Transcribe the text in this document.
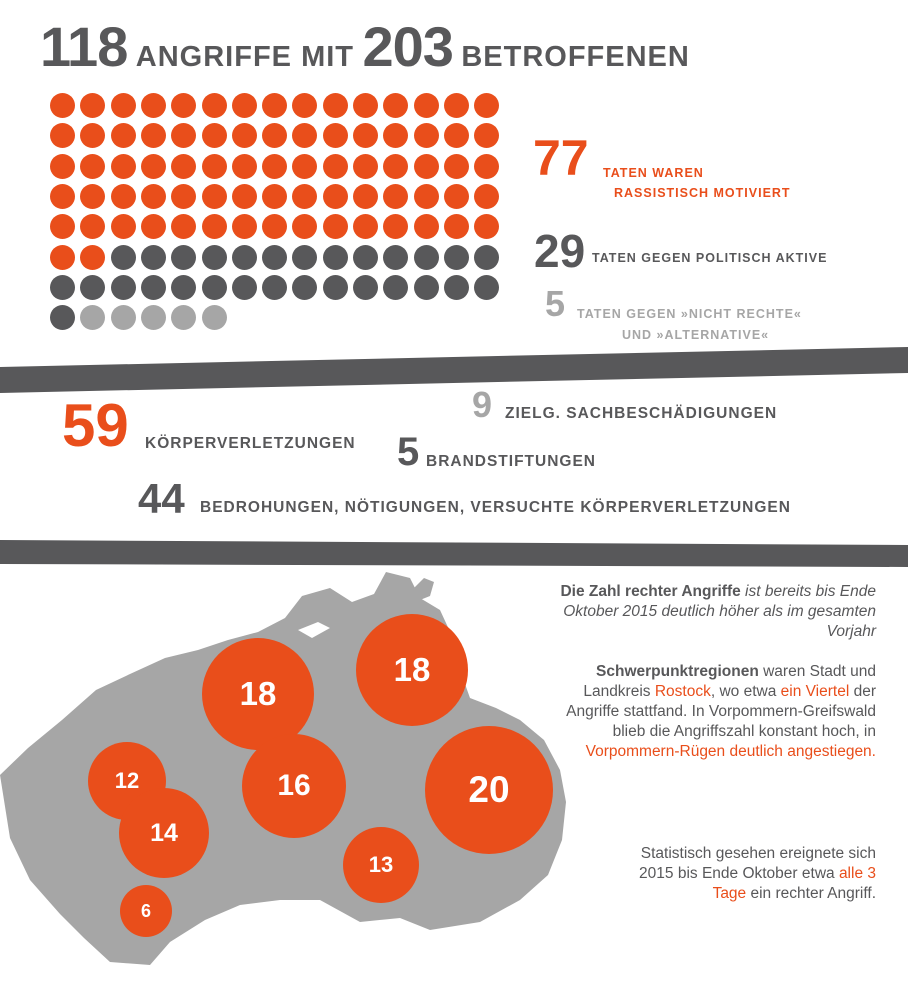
118 ANGRIFFE MIT 203 BETROFFENEN
77 TATEN WAREN
RASSISTISCH MOTIVIERT
29 TATEN GEGEN POLITISCH AKTIVE
5 TATEN GEGEN »NICHT RECHTE«
UND »ALTERNATIVE«
59 KÖRPERVERLETZUNGEN
9 ZIELG. SACHBESCHÄDIGUNGEN
5 BRANDSTIFTUNGEN
44 BEDROHUNGEN, NÖTIGUNGEN, VERSUCHTE KÖRPERVERLETZUNGEN
18
18
16	20
12
14
13
6
Die Zahl rechter Angriffe ist bereits bis Ende Oktober 2015 deutlich höher als im gesamten Vorjahr
Schwerpunktregionen waren Stadt und Landkreis Rostock, wo etwa ein Viertel der Angriffe stattfand. In Vorpommern-Greifswald blieb die Angriffszahl konstant hoch, in Vorpommern-Rügen deutlich angestiegen.
Statistisch gesehen ereignete sich 2015 bis Ende Oktober etwa alle 3 Tage ein rechter Angriff.
